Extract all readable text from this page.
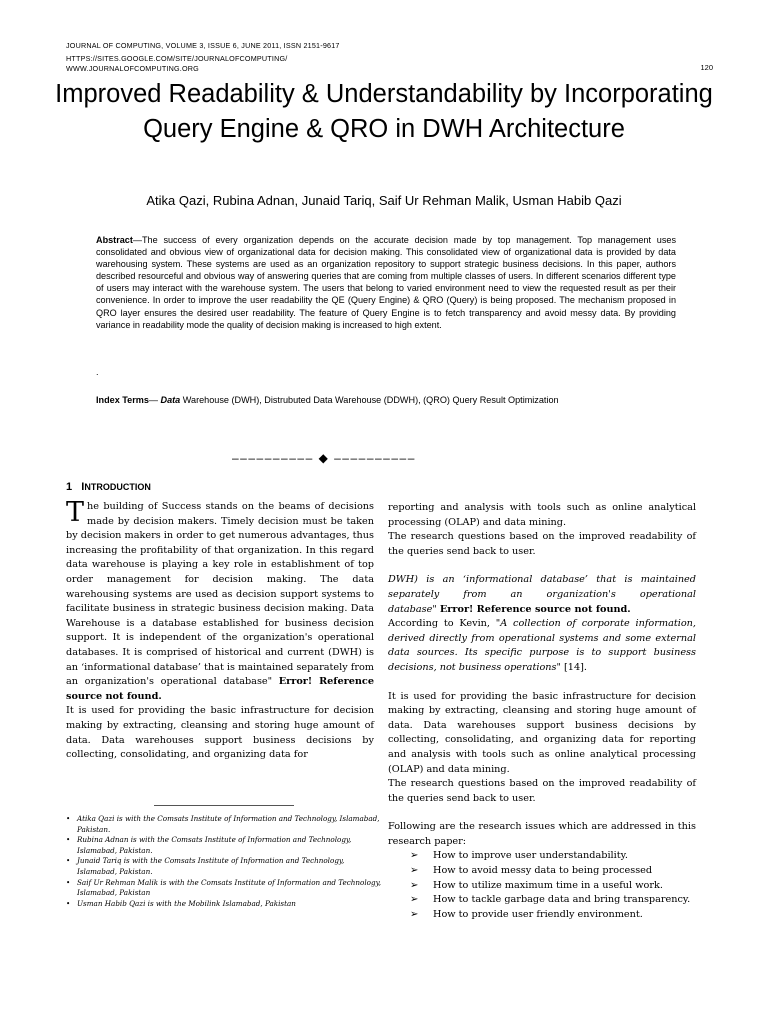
JOURNAL OF COMPUTING, VOLUME 3, ISSUE 6, JUNE 2011, ISSN 2151-9617
HTTPS://SITES.GOOGLE.COM/SITE/JOURNALOFCOMPUTING/
WWW.JOURNALOFCOMPUTING.ORG	120
Improved Readability & Understandability by Incorporating Query Engine & QRO in DWH Architecture
Atika Qazi, Rubina Adnan, Junaid Tariq, Saif Ur Rehman Malik, Usman Habib Qazi
Abstract—The success of every organization depends on the accurate decision made by top management. Top management uses consolidated and obvious view of organizational data for decision making. This consolidated view of organizational data is provided by data warehousing system. These systems are used as an organization repository to support strategic business decisions. In this paper, authors described resourceful and obvious way of answering queries that are coming from multiple classes of users. In different scenarios different type of users may interact with the warehouse system. The users that belong to varied environment need to view the requested result as per their convenience. In order to improve the user readability the QE (Query Engine) & QRO (Query) is being proposed. The mechanism proposed in QRO layer ensures the desired user readability. The feature of Query Engine is to fetch transparency and avoid messy data. By providing variance in readability mode the quality of decision making is increased to high extent.
.
Index Terms— Data Warehouse (DWH), Distrubuted Data Warehouse (DDWH), (QRO) Query Result Optimization
–––––––––– ◆ ––––––––––
1 INTRODUCTION

The building of Success stands on the beams of decisions made by decision makers. Timely decision must be taken by decision makers in order to get numerous advantages, thus increasing the profitability of that organization. In this regard data warehouse is playing a key role in establishment of top order management for decision making. The data warehousing systems are used as decision support systems to facilitate business in strategic business decision making. Data Warehouse is a database established for business decision support. It is independent of the organization's operational databases. It is comprised of historical and current (DWH) is an ‘informational database’ that is maintained separately from an organization's operational database" Error! Reference source not found.

It is used for providing the basic infrastructure for decision making by extracting, cleansing and storing huge amount of data. Data warehouses support business decisions by collecting, consolidating, and organizing data for

reporting and analysis with tools such as online analytical processing (OLAP) and data mining.

The research questions based on the improved readability of the queries send back to user.

DWH) is an ‘informational database’ that is maintained separately from an organization's operational database" Error! Reference source not found.

According to Kevin, "A collection of corporate information, derived directly from operational systems and some external data sources. Its specific purpose is to support business decisions, not business operations" [14].

It is used for providing the basic infrastructure for decision making by extracting, cleansing and storing huge amount of data. Data warehouses support business decisions by collecting, consolidating, and organizing data for reporting and analysis with tools such as online analytical processing (OLAP) and data mining.

The research questions based on the improved readability of the queries send back to user.

Following are the research issues which are addressed in this research paper:

➢ How to improve user understandability.
➢ How to avoid messy data to being processed
➢ How to utilize maximum time in a useful work.
➢ How to tackle garbage data and bring transparency.
➢ How to provide user friendly environment.
• Atika Qazi is with the Comsats Institute of Information and Technology, Islamabad, Pakistan.
• Rubina Adnan is with the Comsats Institute of Information and Technology, Islamabad, Pakistan.
• Junaid Tariq is with the Comsats Institute of Information and Technology, Islamabad, Pakistan.
• Saif Ur Rehman Malik is with the Comsats Institute of Information and Technology, Islamabad, Pakistan
• Usman Habib Qazi is with the Mobilink Islamabad, Pakistan
